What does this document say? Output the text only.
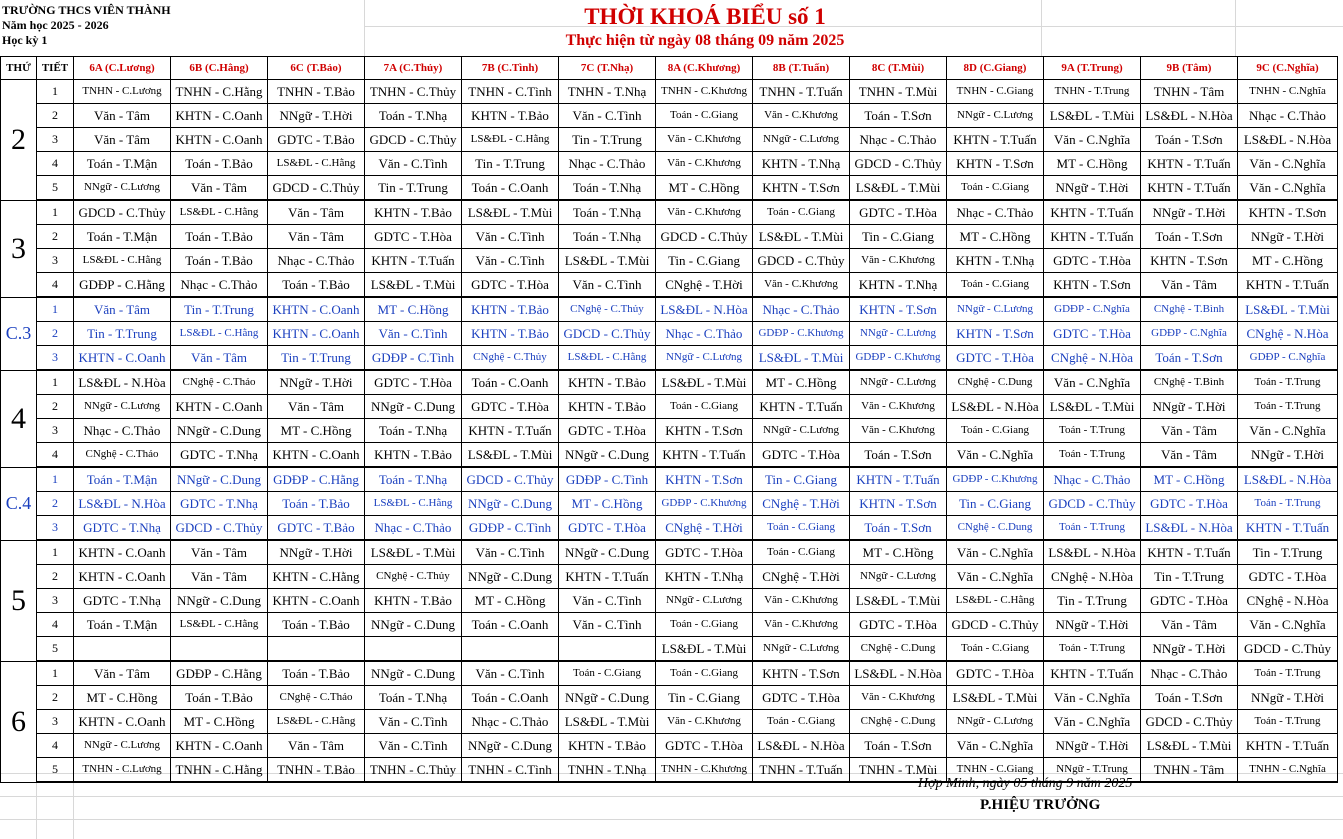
TRƯỜNG THCS VIÊN THÀNH
Năm học 2025 - 2026
Học kỳ 1
THỜI KHOÁ BIỂU số 1
Thực hiện từ ngày 08 tháng 09 năm 2025
THỨ	TIẾT	6A (C.Lương)	6B (C.Hằng)	6C (T.Bảo)	7A (C.Thủy)	7B (C.Tình)	7C (T.Nhạ)	8A (C.Khương)	8B (T.Tuấn)	8C (T.Mùi)	8D (C.Giang)	9A (T.Trung)	9B (Tâm)	9C (C.Nghĩa)
2	1	TNHN - C.Lương	TNHN - C.Hằng	TNHN - T.Bảo	TNHN - C.Thủy	TNHN - C.Tình	TNHN - T.Nhạ	TNHN - C.Khương	TNHN - T.Tuấn	TNHN - T.Mùi	TNHN - C.Giang	TNHN - T.Trung	TNHN - Tâm	TNHN - C.Nghĩa
	2	Văn - Tâm	KHTN - C.Oanh	NNgữ - T.Hời	Toán - T.Nhạ	KHTN - T.Bảo	Văn - C.Tình	Toán - C.Giang	Văn - C.Khương	Toán - T.Sơn	NNgữ - C.Lương	LS&ĐL - T.Mùi	LS&ĐL - N.Hòa	Nhạc - C.Thảo
	3	Văn - Tâm	KHTN - C.Oanh	GDTC - T.Bảo	GDCD - C.Thủy	LS&ĐL - C.Hằng	Tin - T.Trung	Văn - C.Khương	NNgữ - C.Lương	Nhạc - C.Thảo	KHTN - T.Tuấn	Văn - C.Nghĩa	Toán - T.Sơn	LS&ĐL - N.Hòa
	4	Toán - T.Mận	Toán - T.Bảo	LS&ĐL - C.Hằng	Văn - C.Tình	Tin - T.Trung	Nhạc - C.Thảo	Văn - C.Khương	KHTN - T.Nhạ	GDCD - C.Thủy	KHTN - T.Sơn	MT - C.Hồng	KHTN - T.Tuấn	Văn - C.Nghĩa
	5	NNgữ - C.Lương	Văn - Tâm	GDCD - C.Thủy	Tin - T.Trung	Toán - C.Oanh	Toán - T.Nhạ	MT - C.Hồng	KHTN - T.Sơn	LS&ĐL - T.Mùi	Toán - C.Giang	NNgữ - T.Hời	KHTN - T.Tuấn	Văn - C.Nghĩa
3	1	GDCD - C.Thủy	LS&ĐL - C.Hằng	Văn - Tâm	KHTN - T.Bảo	LS&ĐL - T.Mùi	Toán - T.Nhạ	Văn - C.Khương	Toán - C.Giang	GDTC - T.Hòa	Nhạc - C.Thảo	KHTN - T.Tuấn	NNgữ - T.Hời	KHTN - T.Sơn
	2	Toán - T.Mận	Toán - T.Bảo	Văn - Tâm	GDTC - T.Hòa	Văn - C.Tình	Toán - T.Nhạ	GDCD - C.Thủy	LS&ĐL - T.Mùi	Tin - C.Giang	MT - C.Hồng	KHTN - T.Tuấn	Toán - T.Sơn	NNgữ - T.Hời
	3	LS&ĐL - C.Hằng	Toán - T.Bảo	Nhạc - C.Thảo	KHTN - T.Tuấn	Văn - C.Tình	LS&ĐL - T.Mùi	Tin - C.Giang	GDCD - C.Thủy	Văn - C.Khương	KHTN - T.Nhạ	GDTC - T.Hòa	KHTN - T.Sơn	MT - C.Hồng
	4	GDĐP - C.Hằng	Nhạc - C.Thảo	Toán - T.Bảo	LS&ĐL - T.Mùi	GDTC - T.Hòa	Văn - C.Tình	CNghệ - T.Hời	Văn - C.Khương	KHTN - T.Nhạ	Toán - C.Giang	KHTN - T.Sơn	Văn - Tâm	KHTN - T.Tuấn
C.3	1	Văn - Tâm	Tin - T.Trung	KHTN - C.Oanh	MT - C.Hồng	KHTN - T.Bảo	CNghệ - C.Thủy	LS&ĐL - N.Hòa	Nhạc - C.Thảo	KHTN - T.Sơn	NNgữ - C.Lương	GDĐP - C.Nghĩa	CNghệ - T.Bình	LS&ĐL - T.Mùi
	2	Tin - T.Trung	LS&ĐL - C.Hằng	KHTN - C.Oanh	Văn - C.Tình	KHTN - T.Bảo	GDCD - C.Thủy	Nhạc - C.Thảo	GDĐP - C.Khương	NNgữ - C.Lương	KHTN - T.Sơn	GDTC - T.Hòa	GDĐP - C.Nghĩa	CNghệ - N.Hòa
	3	KHTN - C.Oanh	Văn - Tâm	Tin - T.Trung	GDĐP - C.Tình	CNghệ - C.Thủy	LS&ĐL - C.Hằng	NNgữ - C.Lương	LS&ĐL - T.Mùi	GDĐP - C.Khương	GDTC - T.Hòa	CNghệ - N.Hòa	Toán - T.Sơn	GDĐP - C.Nghĩa
4	1	LS&ĐL - N.Hòa	CNghệ - C.Thảo	NNgữ - T.Hời	GDTC - T.Hòa	Toán - C.Oanh	KHTN - T.Bảo	LS&ĐL - T.Mùi	MT - C.Hồng	NNgữ - C.Lương	CNghệ - C.Dung	Văn - C.Nghĩa	CNghệ - T.Bình	Toán - T.Trung
	2	NNgữ - C.Lương	KHTN - C.Oanh	Văn - Tâm	NNgữ - C.Dung	GDTC - T.Hòa	KHTN - T.Bảo	Toán - C.Giang	KHTN - T.Tuấn	Văn - C.Khương	LS&ĐL - N.Hòa	LS&ĐL - T.Mùi	NNgữ - T.Hời	Toán - T.Trung
	3	Nhạc - C.Thảo	NNgữ - C.Dung	MT - C.Hồng	Toán - T.Nhạ	KHTN - T.Tuấn	GDTC - T.Hòa	KHTN - T.Sơn	NNgữ - C.Lương	Văn - C.Khương	Toán - C.Giang	Toán - T.Trung	Văn - Tâm	Văn - C.Nghĩa
	4	CNghệ - C.Thảo	GDTC - T.Nhạ	KHTN - C.Oanh	KHTN - T.Bảo	LS&ĐL - T.Mùi	NNgữ - C.Dung	KHTN - T.Tuấn	GDTC - T.Hòa	Toán - T.Sơn	Văn - C.Nghĩa	Toán - T.Trung	Văn - Tâm	NNgữ - T.Hời
C.4	1	Toán - T.Mận	NNgữ - C.Dung	GDĐP - C.Hằng	Toán - T.Nhạ	GDCD - C.Thủy	GDĐP - C.Tình	KHTN - T.Sơn	Tin - C.Giang	KHTN - T.Tuấn	GDĐP - C.Khương	Nhạc - C.Thảo	MT - C.Hồng	LS&ĐL - N.Hòa
	2	LS&ĐL - N.Hòa	GDTC - T.Nhạ	Toán - T.Bảo	LS&ĐL - C.Hằng	NNgữ - C.Dung	MT - C.Hồng	GDĐP - C.Khương	CNghệ - T.Hời	KHTN - T.Sơn	Tin - C.Giang	GDCD - C.Thủy	GDTC - T.Hòa	Toán - T.Trung
	3	GDTC - T.Nhạ	GDCD - C.Thủy	GDTC - T.Bảo	Nhạc - C.Thảo	GDĐP - C.Tình	GDTC - T.Hòa	CNghệ - T.Hời	Toán - C.Giang	Toán - T.Sơn	CNghệ - C.Dung	Toán - T.Trung	LS&ĐL - N.Hòa	KHTN - T.Tuấn
5	1	KHTN - C.Oanh	Văn - Tâm	NNgữ - T.Hời	LS&ĐL - T.Mùi	Văn - C.Tình	NNgữ - C.Dung	GDTC - T.Hòa	Toán - C.Giang	MT - C.Hồng	Văn - C.Nghĩa	LS&ĐL - N.Hòa	KHTN - T.Tuấn	Tin - T.Trung
	2	KHTN - C.Oanh	Văn - Tâm	KHTN - C.Hằng	CNghệ - C.Thủy	NNgữ - C.Dung	KHTN - T.Tuấn	KHTN - T.Nhạ	CNghệ - T.Hời	NNgữ - C.Lương	Văn - C.Nghĩa	CNghệ - N.Hòa	Tin - T.Trung	GDTC - T.Hòa
	3	GDTC - T.Nhạ	NNgữ - C.Dung	KHTN - C.Oanh	KHTN - T.Bảo	MT - C.Hồng	Văn - C.Tình	NNgữ - C.Lương	Văn - C.Khương	LS&ĐL - T.Mùi	LS&ĐL - C.Hằng	Tin - T.Trung	GDTC - T.Hòa	CNghệ - N.Hòa
	4	Toán - T.Mận	LS&ĐL - C.Hằng	Toán - T.Bảo	NNgữ - C.Dung	Toán - C.Oanh	Văn - C.Tình	Toán - C.Giang	Văn - C.Khương	GDTC - T.Hòa	GDCD - C.Thủy	NNgữ - T.Hời	Văn - Tâm	Văn - C.Nghĩa
	5							LS&ĐL - T.Mùi	NNgữ - C.Lương	CNghệ - C.Dung	Toán - C.Giang	Toán - T.Trung	NNgữ - T.Hời	GDCD - C.Thủy
6	1	Văn - Tâm	GDĐP - C.Hằng	Toán - T.Bảo	NNgữ - C.Dung	Văn - C.Tình	Toán - C.Giang	Toán - C.Giang	KHTN - T.Sơn	LS&ĐL - N.Hòa	GDTC - T.Hòa	KHTN - T.Tuấn	Nhạc - C.Thảo	Toán - T.Trung
	2	MT - C.Hồng	Toán - T.Bảo	CNghệ - C.Thảo	Toán - T.Nhạ	Toán - C.Oanh	NNgữ - C.Dung	Tin - C.Giang	GDTC - T.Hòa	Văn - C.Khương	LS&ĐL - T.Mùi	Văn - C.Nghĩa	Toán - T.Sơn	NNgữ - T.Hời
	3	KHTN - C.Oanh	MT - C.Hồng	LS&ĐL - C.Hằng	Văn - C.Tình	Nhạc - C.Thảo	LS&ĐL - T.Mùi	Văn - C.Khương	Toán - C.Giang	CNghệ - C.Dung	NNgữ - C.Lương	Văn - C.Nghĩa	GDCD - C.Thủy	Toán - T.Trung
	4	NNgữ - C.Lương	KHTN - C.Oanh	Văn - Tâm	Văn - C.Tình	NNgữ - C.Dung	KHTN - T.Bảo	GDTC - T.Hòa	LS&ĐL - N.Hòa	Toán - T.Sơn	Văn - C.Nghĩa	NNgữ - T.Hời	LS&ĐL - T.Mùi	KHTN - T.Tuấn
	5	TNHN - C.Lương	TNHN - C.Hằng	TNHN - T.Bảo	TNHN - C.Thủy	TNHN - C.Tình	TNHN - T.Nhạ	TNHN - C.Khương	TNHN - T.Tuấn	TNHN - T.Mùi	TNHN - C.Giang	NNgữ - T.Trung	TNHN - Tâm	TNHN - C.Nghĩa
Hợp Minh, ngày 05 tháng 9 năm 2025
P.HIỆU TRƯỞNG
